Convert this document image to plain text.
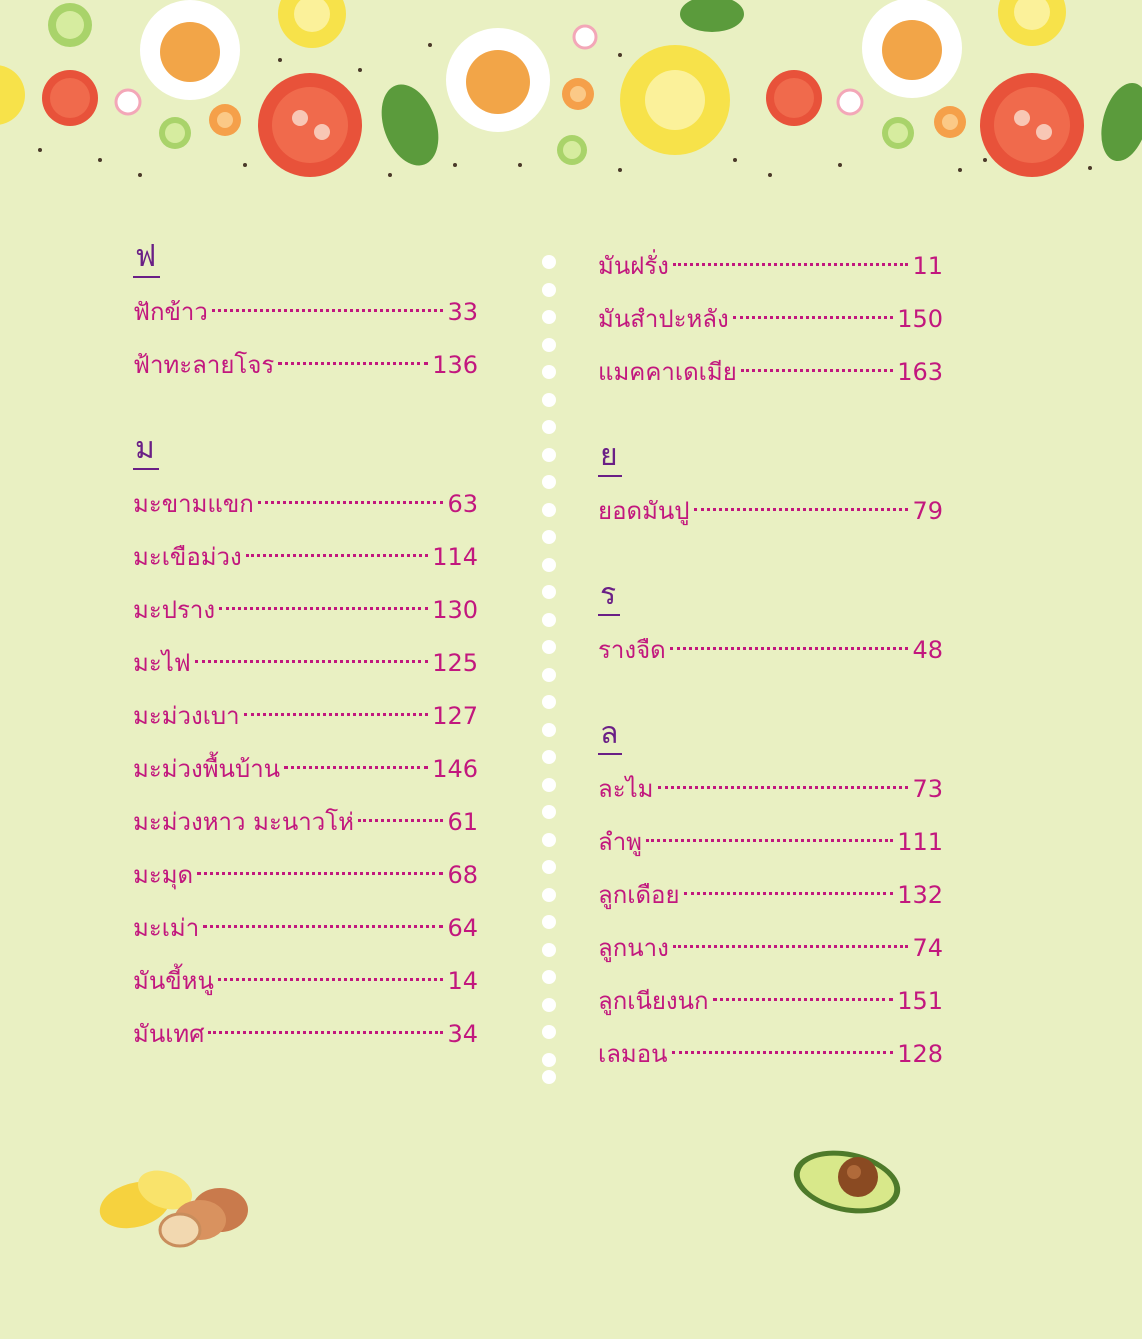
ฟ
ฟักข้าว	33
ฟ้าทะลายโจร	136
ม
มะขามแขก	63
มะเขือม่วง	114
มะปราง	130
มะไฟ	125
มะม่วงเบา	127
มะม่วงพื้นบ้าน	146
มะม่วงหาว มะนาวโห่	61
มะมุด	68
มะเม่า	64
มันขี้หนู	14
มันเทศ	34
มันฝรั่ง	11
มันสำปะหลัง	150
แมคคาเดเมีย	163
ย
ยอดมันปู	79
ร
รางจืด	48
ล
ละไม	73
ลำพู	111
ลูกเดือย	132
ลูกนาง	74
ลูกเนียงนก	151
เลมอน	128
